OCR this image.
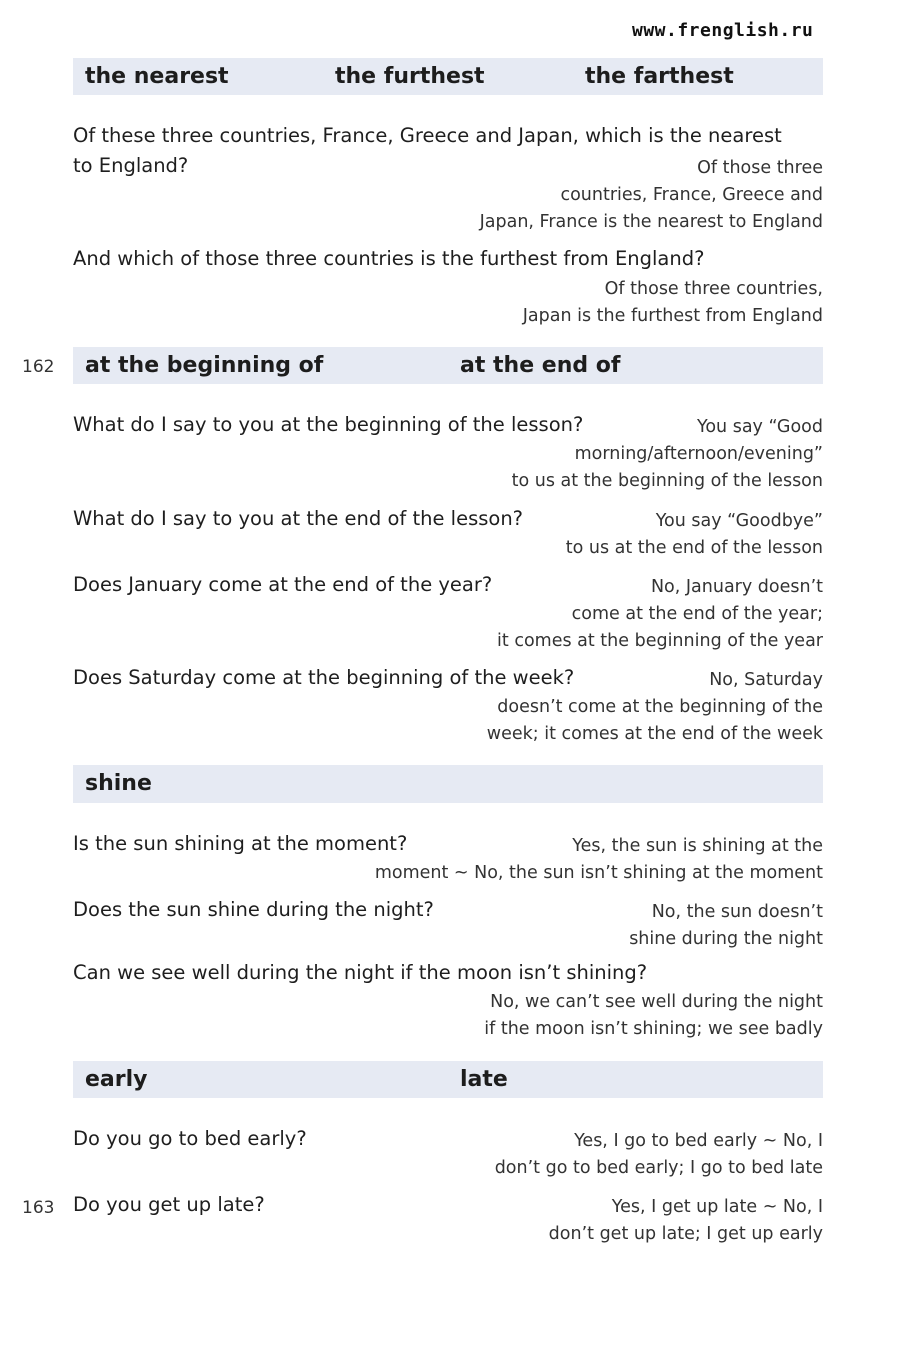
www.frenglish.ru
the nearest	the furthest	the farthest
Of these three countries, France, Greece and Japan, which is the nearest
to England?	Of those three
countries, France, Greece and
Japan, France is the nearest to England
And which of those three countries is the furthest from England?
Of those three countries,
Japan is the furthest from England
162 at the beginning of	at the end of
What do I say to you at the beginning of the lesson?	You say “Good
morning/afternoon/evening”
to us at the beginning of the lesson
What do I say to you at the end of the lesson?	You say “Goodbye”
to us at the end of the lesson
Does January come at the end of the year?	No, January doesn’t
come at the end of the year;
it comes at the beginning of the year
Does Saturday come at the beginning of the week?	No, Saturday
doesn’t come at the beginning of the
week; it comes at the end of the week
shine
Is the sun shining at the moment?	Yes, the sun is shining at the
moment ~ No, the sun isn’t shining at the moment
Does the sun shine during the night?	No, the sun doesn’t
shine during the night
Can we see well during the night if the moon isn’t shining?
No, we can’t see well during the night
if the moon isn’t shining; we see badly
early	late
Do you go to bed early?	Yes, I go to bed early ~ No, I
don’t go to bed early; I go to bed late
163 Do you get up late?	Yes, I get up late ~ No, I
don’t get up late; I get up early
